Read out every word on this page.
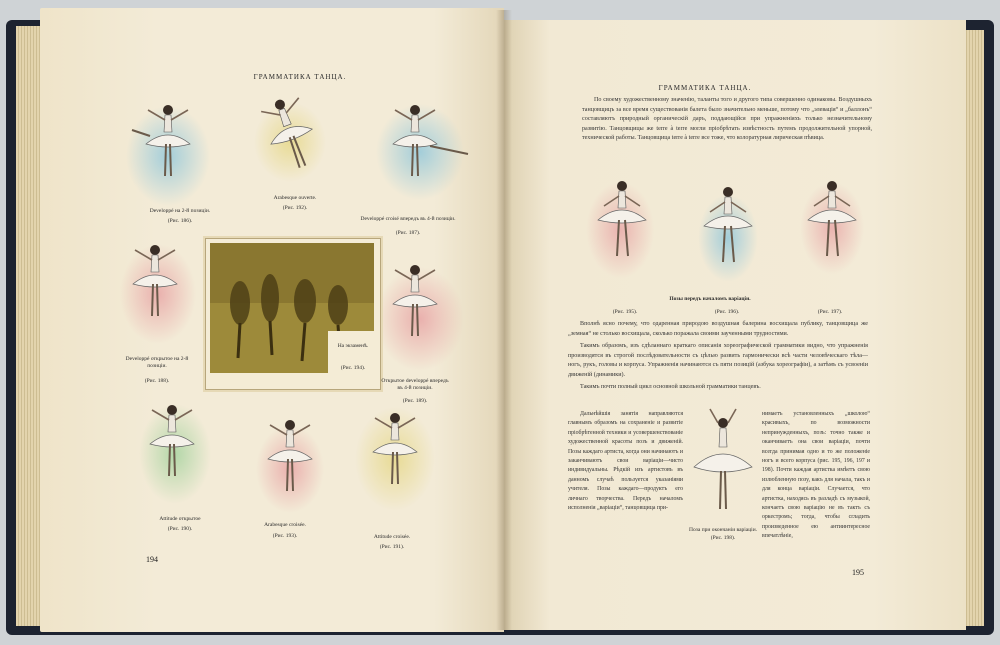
ГРАММАТИКА ТАНЦА.
На экзаменѣ.
(Рис. 194).
Developpé на 2-й позиціи.
(Рис. 186).
Arabesque ouverte.
(Рис. 192).
Developpé croisé впередъ въ 4-й позиціи.
(Рис. 187).
Developpé открытое на 2-й позиціи.
(Рис. 188).	Открытое developpé впередъ въ 4-й позиціи.
(Рис. 189).
Attitude открытое
(Рис. 190).
Arabesque croisée.
(Рис. 193).	Attitude croisée.
(Рис. 191).
194
ГРАММАТИКА ТАНЦА.

По своему художественному значенію, таланты того и другого типа совершенно одинаковы. Воздушныхъ танцовщицъ за все время существованія балета было значительно меньше, потому что „элевація“ и „баллонъ“ составляютъ природный органическій даръ, поддающійся при упражненіяхъ только незначительному развитію. Танцовщицы же terre à terre могли пріобрѣтать извѣстность путемъ продолжительной упорной, технической работы. Танцовщица terre à terre все тоже, что колоратурная лирическая пѣвица.

Позы передъ началомъ варіаціи.
(Рис. 195).	(Рис. 196).	(Рис. 197).

Вполнѣ ясно почему, что одаренная природою воздушная балерина восхищала публику, танцовщица же „земная“ не столько восхищала, сколько поражала своими заученными трудностями.

Такимъ образомъ, изъ сдѣланнаго краткаго описанія хореографической грамматики видно, что упражненія производятся въ строгой послѣдовательности съ цѣлью развить гармонически всѣ части человѣческаго тѣла—ногъ, рукъ, головы и корпуса. Упражненія начинаются съ пяти позицій (азбука хореографіи), а затѣмъ съ усвоеніи движеній (динамики).

Такимъ почти полный цикл основной школьной грамматики танцевъ.

Дальнѣйшія занятія направляются главнымъ образомъ на сохраненіе и развитіе пріобрѣтенной техники и усовершенствованіе художественной красоты позъ и движеній. Позы каждаго артиста, когда они начинаютъ и заканчиваютъ свои варіаціи—чисто индивидуальны. Рѣдкій изъ артистовъ въ данномъ случаѣ пользуется указаніями учителя. Позы каждаго—продуктъ его личнаго творчества. Передъ началомъ исполненія „варіаціи“, танцовщица при-

Поза при окончаніи варіаціи.
(Рис. 198).

нимаетъ установленныхъ „школою“ красивыхъ, по возможности непринужденныхъ, позъ: точно также и оканчиваетъ она свои варіаціи, почти всегда принимая одно и то же положеніе ногъ и всего корпуса (рис. 195, 196, 197 и 198). Почти каждая артистка имѣетъ свою излюбленную позу, какъ для начала, такъ и для конца варіаціи. Случается, что артистка, находясь въ разладѣ съ музыкой, кончаетъ свою варіацію не въ тактъ съ оркестромъ; тогда, чтобы сгладить произведенное ею антиинтересное впечатлѣніе,

195
